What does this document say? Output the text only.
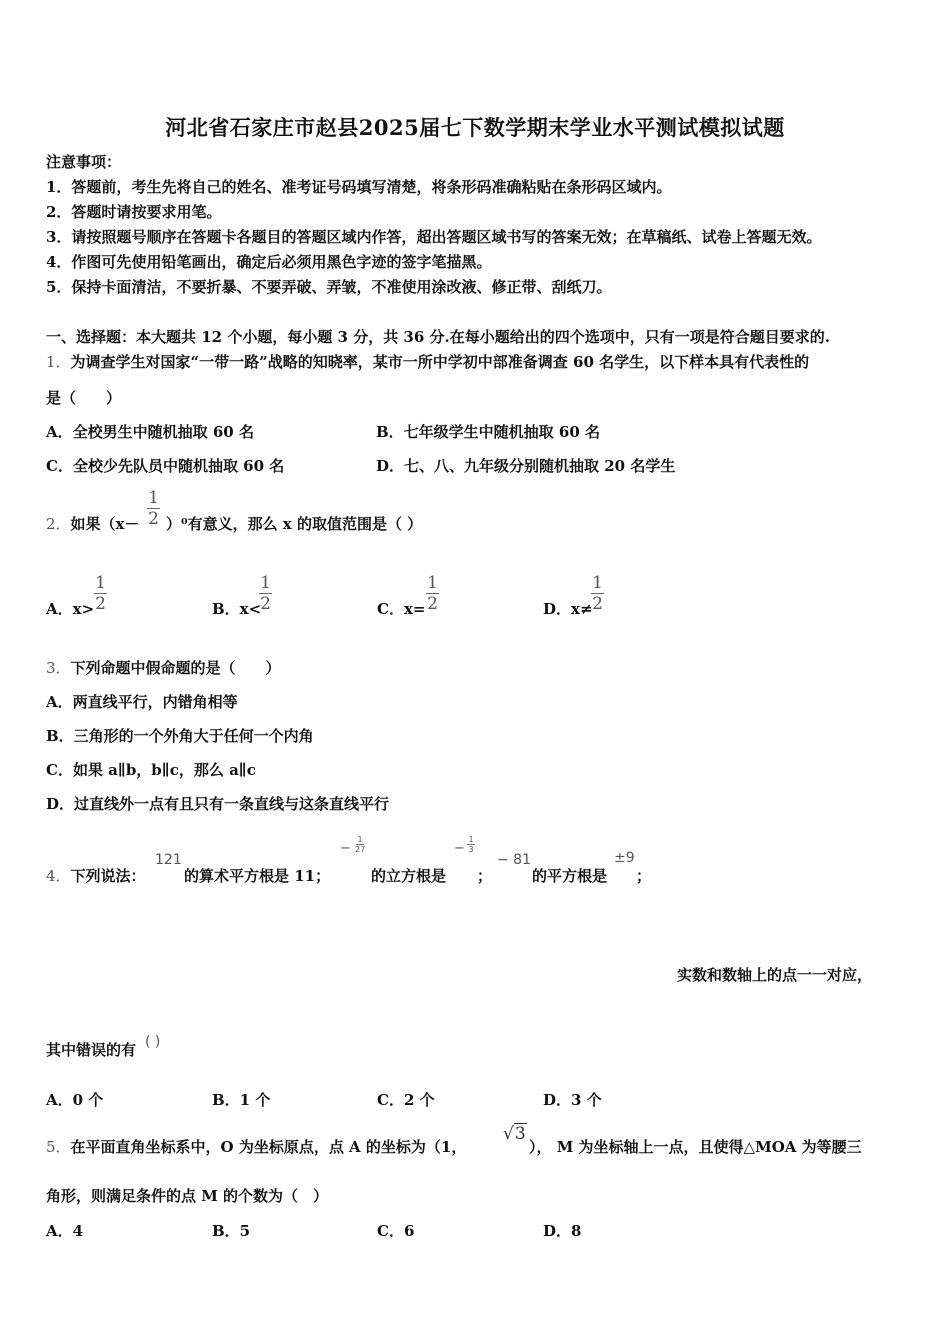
河北省石家庄市赵县2025届七下数学期末学业水平测试模拟试题
注意事项：
1．答题前，考生先将自己的姓名、准考证号码填写清楚，将条形码准确粘贴在条形码区域内。
2．答题时请按要求用笔。
3．请按照题号顺序在答题卡各题目的答题区域内作答，超出答题区域书写的答案无效；在草稿纸、试卷上答题无效。
4．作图可先使用铅笔画出，确定后必须用黑色字迹的签字笔描黑。
5．保持卡面清洁，不要折暴、不要弄破、弄皱，不准使用涂改液、修正带、刮纸刀。
一、选择题：本大题共 12 个小题，每小题 3 分，共 36 分.在每小题给出的四个选项中，只有一项是符合题目要求的.
1．为调查学生对国家“一带一路”战略的知晓率，某市一所中学初中部准备调查 60 名学生，以下样本具有代表性的
是（　　）
A．全校男生中随机抽取 60 名	B．七年级学生中随机抽取 60 名
C．全校少先队员中随机抽取 60 名	D．七、八、九年级分别随机抽取 20 名学生
2．如果（x－
1
2 ）⁰有意义，那么 x 的取值范围是（ ）
A．x>
1
2	B．x<
1
2	C．x=
1
2	D．x≠
1
2
3．下列命题中假命题的是（　　）
A．两直线平行，内错角相等
B．三角形的一个外角大于任何一个内角
C．如果 a∥b，b∥c，那么 a∥c
D．过直线外一点有且只有一条直线与这条直线平行
4．下列说法：
121
的算术平方根是 11；
−
1
27
的立方根是
−
1
3
；
− 81
的平方根是
±9
；
实数和数轴上的点一一对应，
其中错误的有 ( )
A．0 个	B．1 个	C．2 个	D．3 个
5．在平面直角坐标系中，O 为坐标原点，点 A 的坐标为（1，
√3
）， M 为坐标轴上一点，且使得△MOA 为等腰三
角形，则满足条件的点 M 的个数为（　）
A．4	B．5	C．6	D．8
